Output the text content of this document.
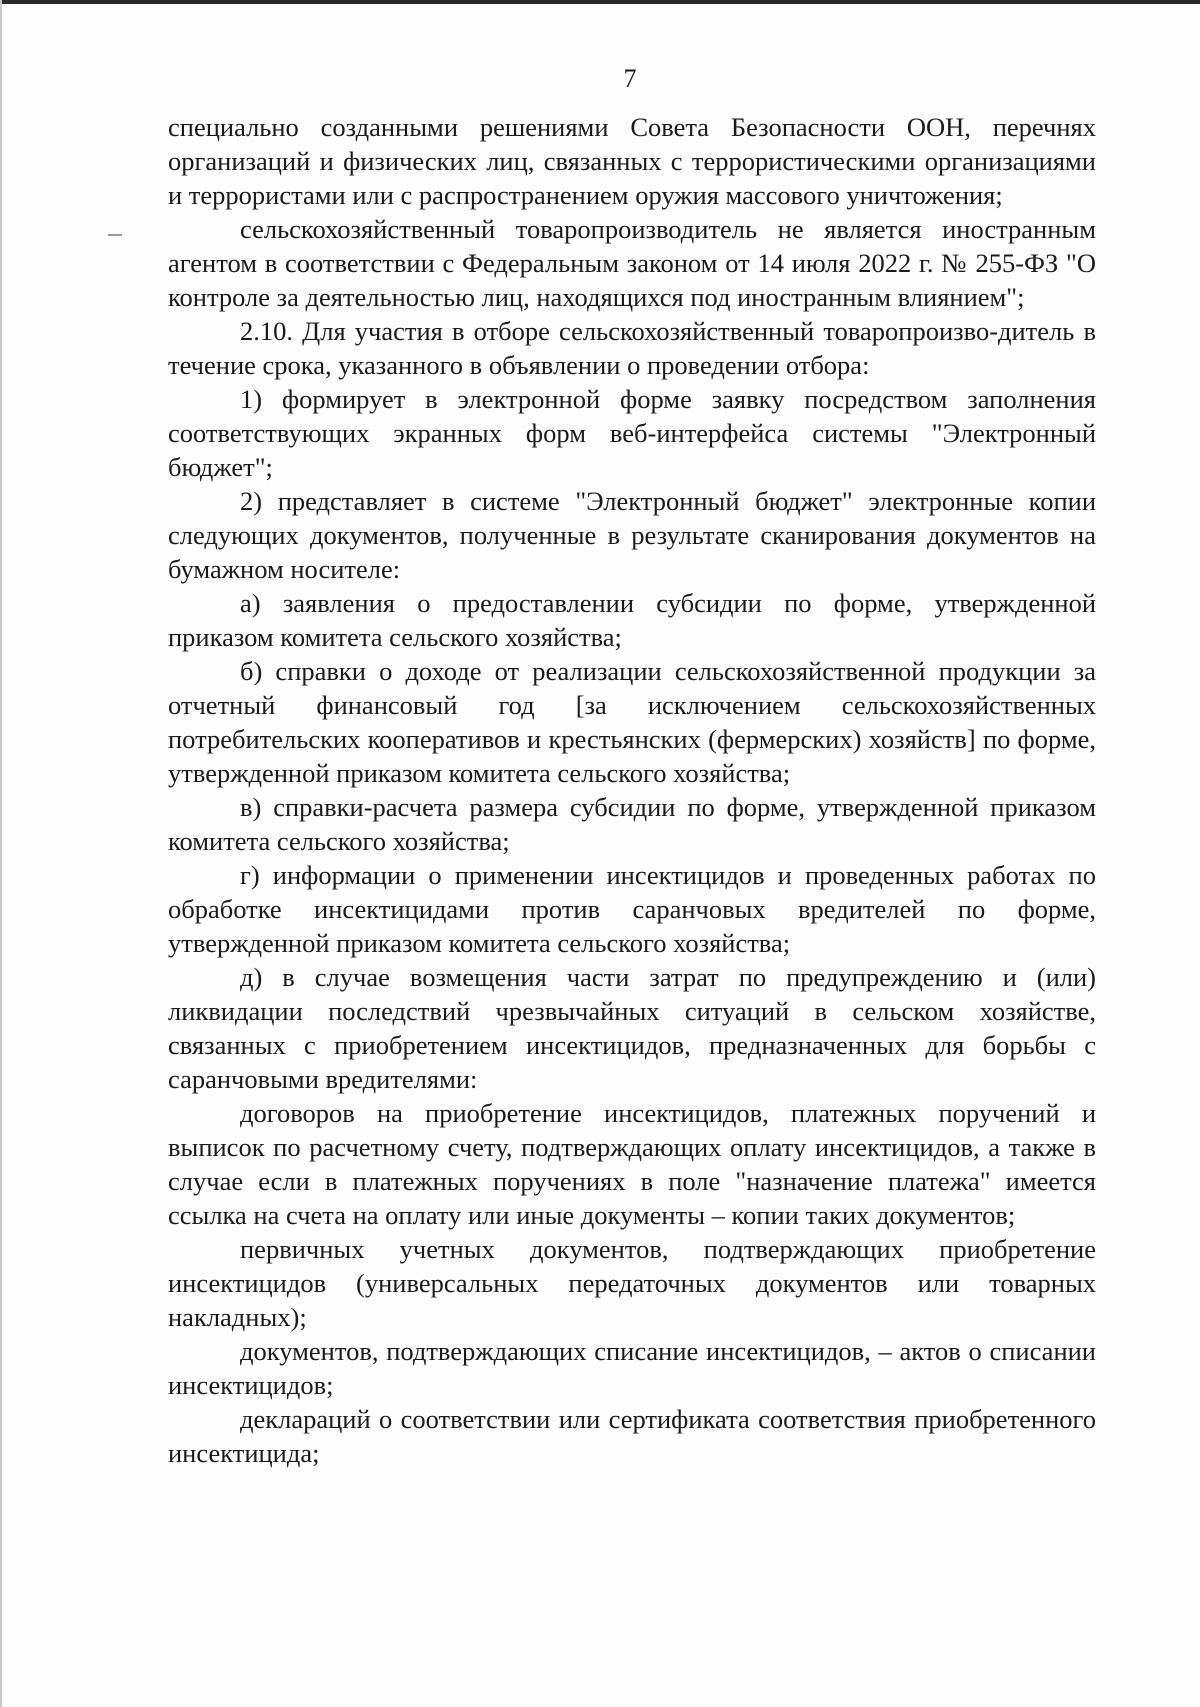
7

специально созданными решениями Совета Безопасности ООН, перечнях организаций и физических лиц, связанных с террористическими организациями и террористами или с распространением оружия массового уничтожения;

сельскохозяйственный товаропроизводитель не является иностранным агентом в соответствии с Федеральным законом от 14 июля 2022 г. № 255-ФЗ "О контроле за деятельностью лиц, находящихся под иностранным влиянием";

2.10. Для участия в отборе сельскохозяйственный товаропроизво-дитель в течение срока, указанного в объявлении о проведении отбора:

1) формирует в электронной форме заявку посредством заполнения соответствующих экранных форм веб-интерфейса системы "Электронный бюджет";

2) представляет в системе "Электронный бюджет" электронные копии следующих документов, полученные в результате сканирования документов на бумажном носителе:

а) заявления о предоставлении субсидии по форме, утвержденной приказом комитета сельского хозяйства;

б) справки о доходе от реализации сельскохозяйственной продукции за отчетный финансовый год [за исключением сельскохозяйственных потребительских кооперативов и крестьянских (фермерских) хозяйств] по форме, утвержденной приказом комитета сельского хозяйства;

в) справки-расчета размера субсидии по форме, утвержденной приказом комитета сельского хозяйства;

г) информации о применении инсектицидов и проведенных работах по обработке инсектицидами против саранчовых вредителей по форме, утвержденной приказом комитета сельского хозяйства;

д) в случае возмещения части затрат по предупреждению и (или) ликвидации последствий чрезвычайных ситуаций в сельском хозяйстве, связанных с приобретением инсектицидов, предназначенных для борьбы с саранчовыми вредителями:

договоров на приобретение инсектицидов, платежных поручений и выписок по расчетному счету, подтверждающих оплату инсектицидов, а также в случае если в платежных поручениях в поле "назначение платежа" имеется ссылка на счета на оплату или иные документы – копии таких документов;

первичных учетных документов, подтверждающих приобретение инсектицидов (универсальных передаточных документов или товарных накладных);

документов, подтверждающих списание инсектицидов, – актов о списании инсектицидов;

деклараций о соответствии или сертификата соответствия приобретенного инсектицида;
